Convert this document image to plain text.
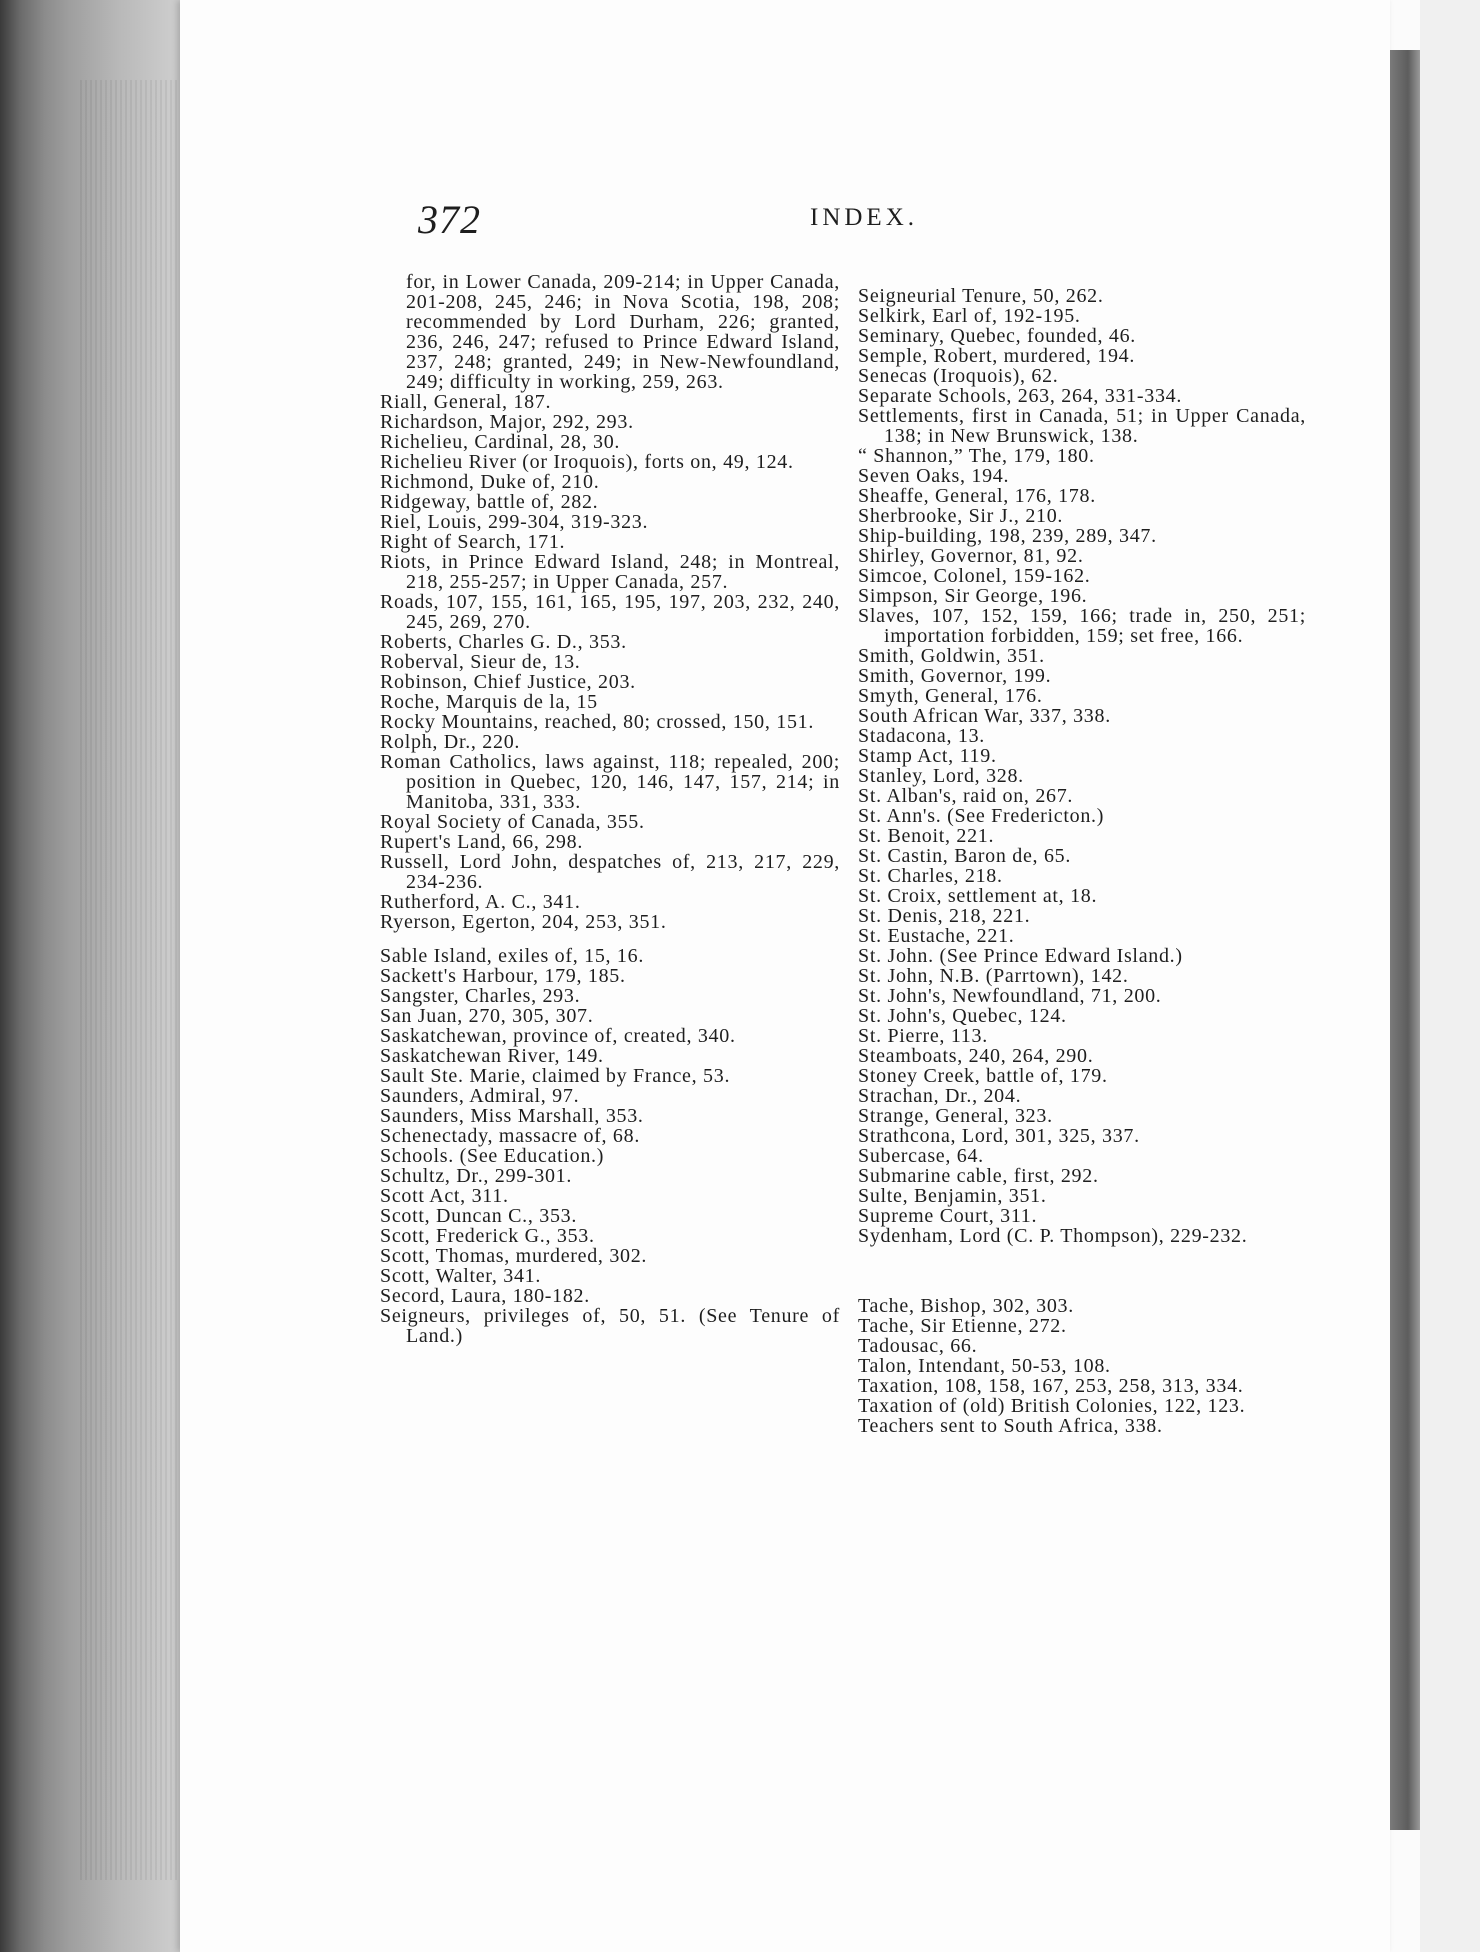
372	INDEX.
for, in Lower Canada, 209-214; in Upper Canada, 201-208, 245, 246; in Nova Scotia, 198, 208; recommended by Lord Durham, 226; granted, 236, 246, 247; refused to Prince Edward Island, 237, 248; granted, 249; in New-Newfoundland, 249; difficulty in working, 259, 263.
Riall, General, 187.
Richardson, Major, 292, 293.
Richelieu, Cardinal, 28, 30.
Richelieu River (or Iroquois), forts on, 49, 124.
Richmond, Duke of, 210.
Ridgeway, battle of, 282.
Riel, Louis, 299-304, 319-323.
Right of Search, 171.
Riots, in Prince Edward Island, 248; in Montreal, 218, 255-257; in Upper Canada, 257.
Roads, 107, 155, 161, 165, 195, 197, 203, 232, 240, 245, 269, 270.
Roberts, Charles G. D., 353.
Roberval, Sieur de, 13.
Robinson, Chief Justice, 203.
Roche, Marquis de la, 15
Rocky Mountains, reached, 80; crossed, 150, 151.
Rolph, Dr., 220.
Roman Catholics, laws against, 118; repealed, 200; position in Quebec, 120, 146, 147, 157, 214; in Manitoba, 331, 333.
Royal Society of Canada, 355.
Rupert's Land, 66, 298.
Russell, Lord John, despatches of, 213, 217, 229, 234-236.
Rutherford, A. C., 341.
Ryerson, Egerton, 204, 253, 351.
Sable Island, exiles of, 15, 16.
Sackett's Harbour, 179, 185.
Sangster, Charles, 293.
San Juan, 270, 305, 307.
Saskatchewan, province of, created, 340.
Saskatchewan River, 149.
Sault Ste. Marie, claimed by France, 53.
Saunders, Admiral, 97.
Saunders, Miss Marshall, 353.
Schenectady, massacre of, 68.
Schools. (See Education.)
Schultz, Dr., 299-301.
Scott Act, 311.
Scott, Duncan C., 353.
Scott, Frederick G., 353.
Scott, Thomas, murdered, 302.
Scott, Walter, 341.
Secord, Laura, 180-182.
Seigneurs, privileges of, 50, 51. (See Tenure of Land.)
Seigneurial Tenure, 50, 262.
Selkirk, Earl of, 192-195.
Seminary, Quebec, founded, 46.
Semple, Robert, murdered, 194.
Senecas (Iroquois), 62.
Separate Schools, 263, 264, 331-334.
Settlements, first in Canada, 51; in Upper Canada, 138; in New Brunswick, 138.
“ Shannon,” The, 179, 180.
Seven Oaks, 194.
Sheaffe, General, 176, 178.
Sherbrooke, Sir J., 210.
Ship-building, 198, 239, 289, 347.
Shirley, Governor, 81, 92.
Simcoe, Colonel, 159-162.
Simpson, Sir George, 196.
Slaves, 107, 152, 159, 166; trade in, 250, 251; importation forbidden, 159; set free, 166.
Smith, Goldwin, 351.
Smith, Governor, 199.
Smyth, General, 176.
South African War, 337, 338.
Stadacona, 13.
Stamp Act, 119.
Stanley, Lord, 328.
St. Alban's, raid on, 267.
St. Ann's. (See Fredericton.)
St. Benoit, 221.
St. Castin, Baron de, 65.
St. Charles, 218.
St. Croix, settlement at, 18.
St. Denis, 218, 221.
St. Eustache, 221.
St. John. (See Prince Edward Island.)
St. John, N.B. (Parrtown), 142.
St. John's, Newfoundland, 71, 200.
St. John's, Quebec, 124.
St. Pierre, 113.
Steamboats, 240, 264, 290.
Stoney Creek, battle of, 179.
Strachan, Dr., 204.
Strange, General, 323.
Strathcona, Lord, 301, 325, 337.
Subercase, 64.
Submarine cable, first, 292.
Sulte, Benjamin, 351.
Supreme Court, 311.
Sydenham, Lord (C. P. Thompson), 229-232.
Tache, Bishop, 302, 303.
Tache, Sir Etienne, 272.
Tadousac, 66.
Talon, Intendant, 50-53, 108.
Taxation, 108, 158, 167, 253, 258, 313, 334.
Taxation of (old) British Colonies, 122, 123.
Teachers sent to South Africa, 338.
